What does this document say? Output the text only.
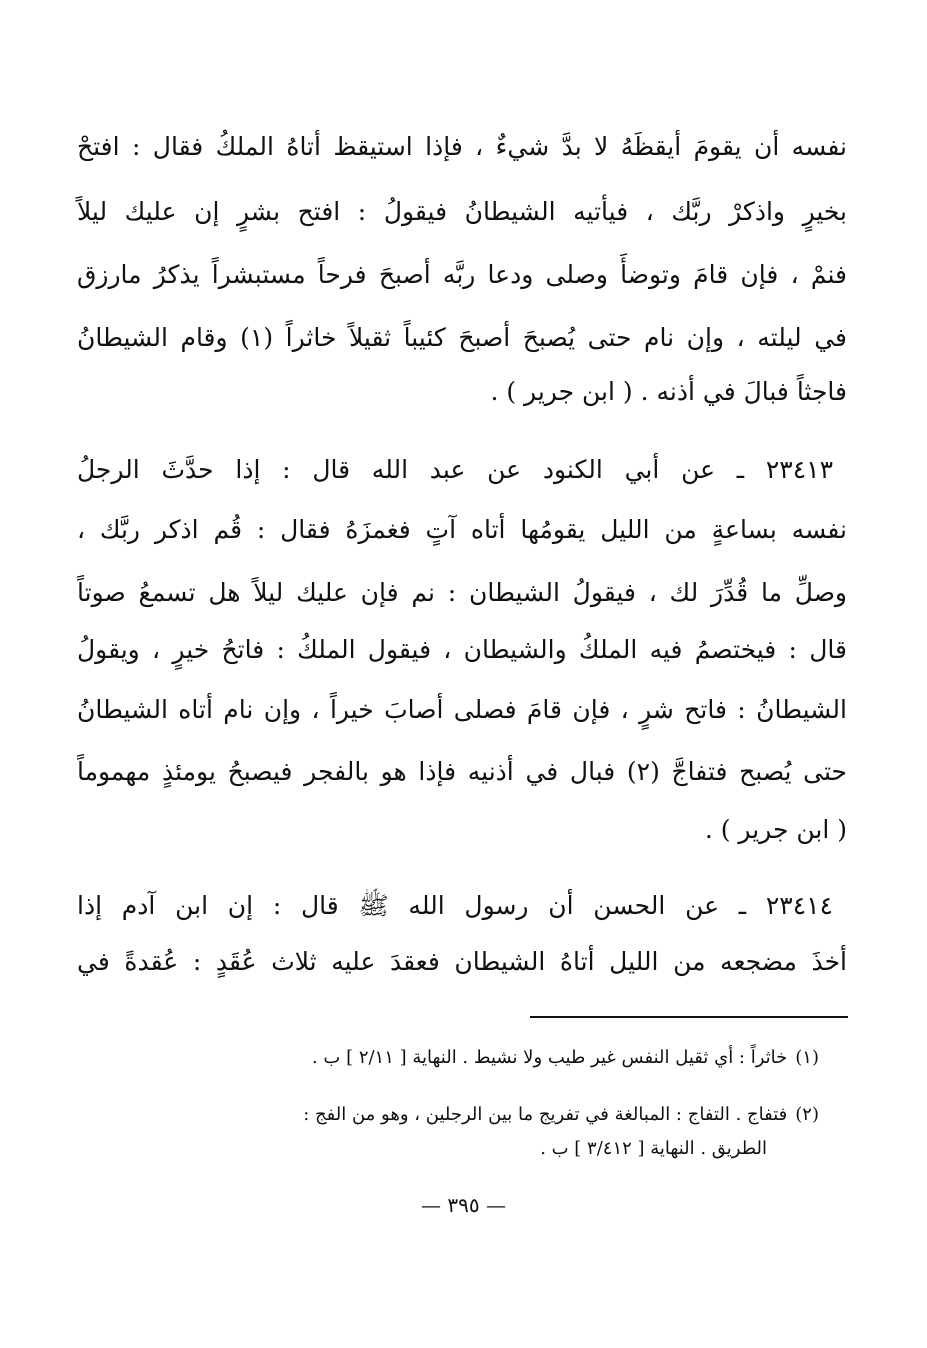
نفسه أن يقومَ أيقظَهُ لا بدَّ شيءٌ ، فإذا استيقظ أتاهُ الملكُ فقال : افتحْ
بخيرٍ واذكرْ ربَّك ، فيأتيه الشيطانُ فيقولُ : افتح بشرٍ إن عليك ليلاً
فنمْ ، فإن قامَ وتوضأَ وصلى ودعا ربَّه أصبحَ فرحاً مستبشراً يذكرُ مارزق
في ليلته ، وإن نام حتى يُصبحَ أصبحَ كئيباً ثقيلاً خاثراً (١) وقام الشيطانُ
فاجثاً فبالَ في أذنه . ( ابن جرير ) .
٢٣٤١٣ ـ عن أبي الكنود عن عبد الله قال : إذا حدَّثَ الرجلُ
نفسه بساعةٍ من الليل يقومُها أتاه آتٍ فغمزَهُ فقال : قُم اذكر ربَّك ،
وصلِّ ما قُدِّرَ لك ، فيقولُ الشيطان : نم فإن عليك ليلاً هل تسمعُ صوتاً
قال : فيختصمُ فيه الملكُ والشيطان ، فيقول الملكُ : فاتحُ خيرٍ ، ويقولُ
الشيطانُ : فاتح شرٍ ، فإن قامَ فصلى أصابَ خيراً ، وإن نام أتاه الشيطانُ
حتى يُصبح فتفاجَّ (٢) فبال في أذنيه فإذا هو بالفجر فيصبحُ يومئذٍ مهموماً
( ابن جرير ) .
٢٣٤١٤ ـ عن الحسن أن رسول الله ﷺ قال : إن ابن آدم إذا
أخذَ مضجعه من الليل أتاهُ الشيطان فعقدَ عليه ثلاث عُقَدٍ : عُقدةً في
(١)خاثراً : أي ثقيل النفس غير طيب ولا نشيط . النهاية [ ٢/١١ ] ب .
(٢)فتفاج . التفاج : المبالغة في تفريج ما بين الرجلين ، وهو من الفج :
الطريق . النهاية [ ٣/٤١٢ ] ب .
— ٣٩٥ —
